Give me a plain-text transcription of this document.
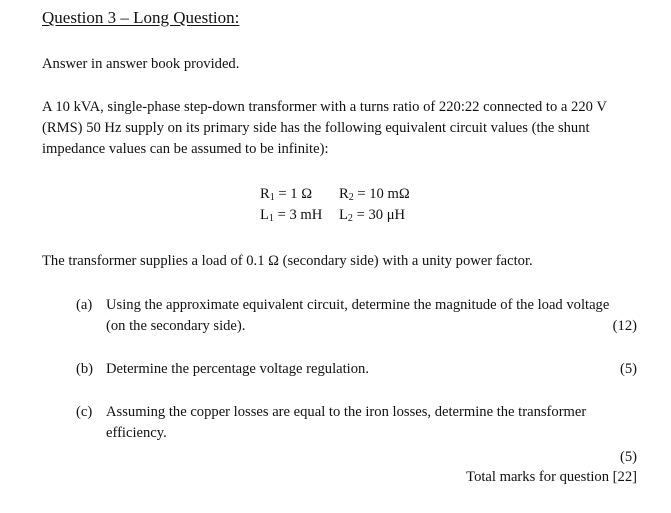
Question 3 – Long Question:
Answer in answer book provided.
A 10 kVA, single-phase step-down transformer with a turns ratio of 220:22 connected to a 220 V
(RMS) 50 Hz supply on its primary side has the following equivalent circuit values (the shunt
impedance values can be assumed to be infinite):
$R_1 = 1$ Ω $R_2 = 10$ mΩ
$L_1 = 3$ mH $L_2 = 30$ μH
The transformer supplies a load of 0.1 Ω (secondary side) with a unity power factor.
(a) Using the approximate equivalent circuit, determine the magnitude of the load voltage
(on the secondary side).	(12)
(b) Determine the percentage voltage regulation.	(5)
(c) Assuming the copper losses are equal to the iron losses, determine the transformer
efficiency.
(5)
Total marks for question [22]
